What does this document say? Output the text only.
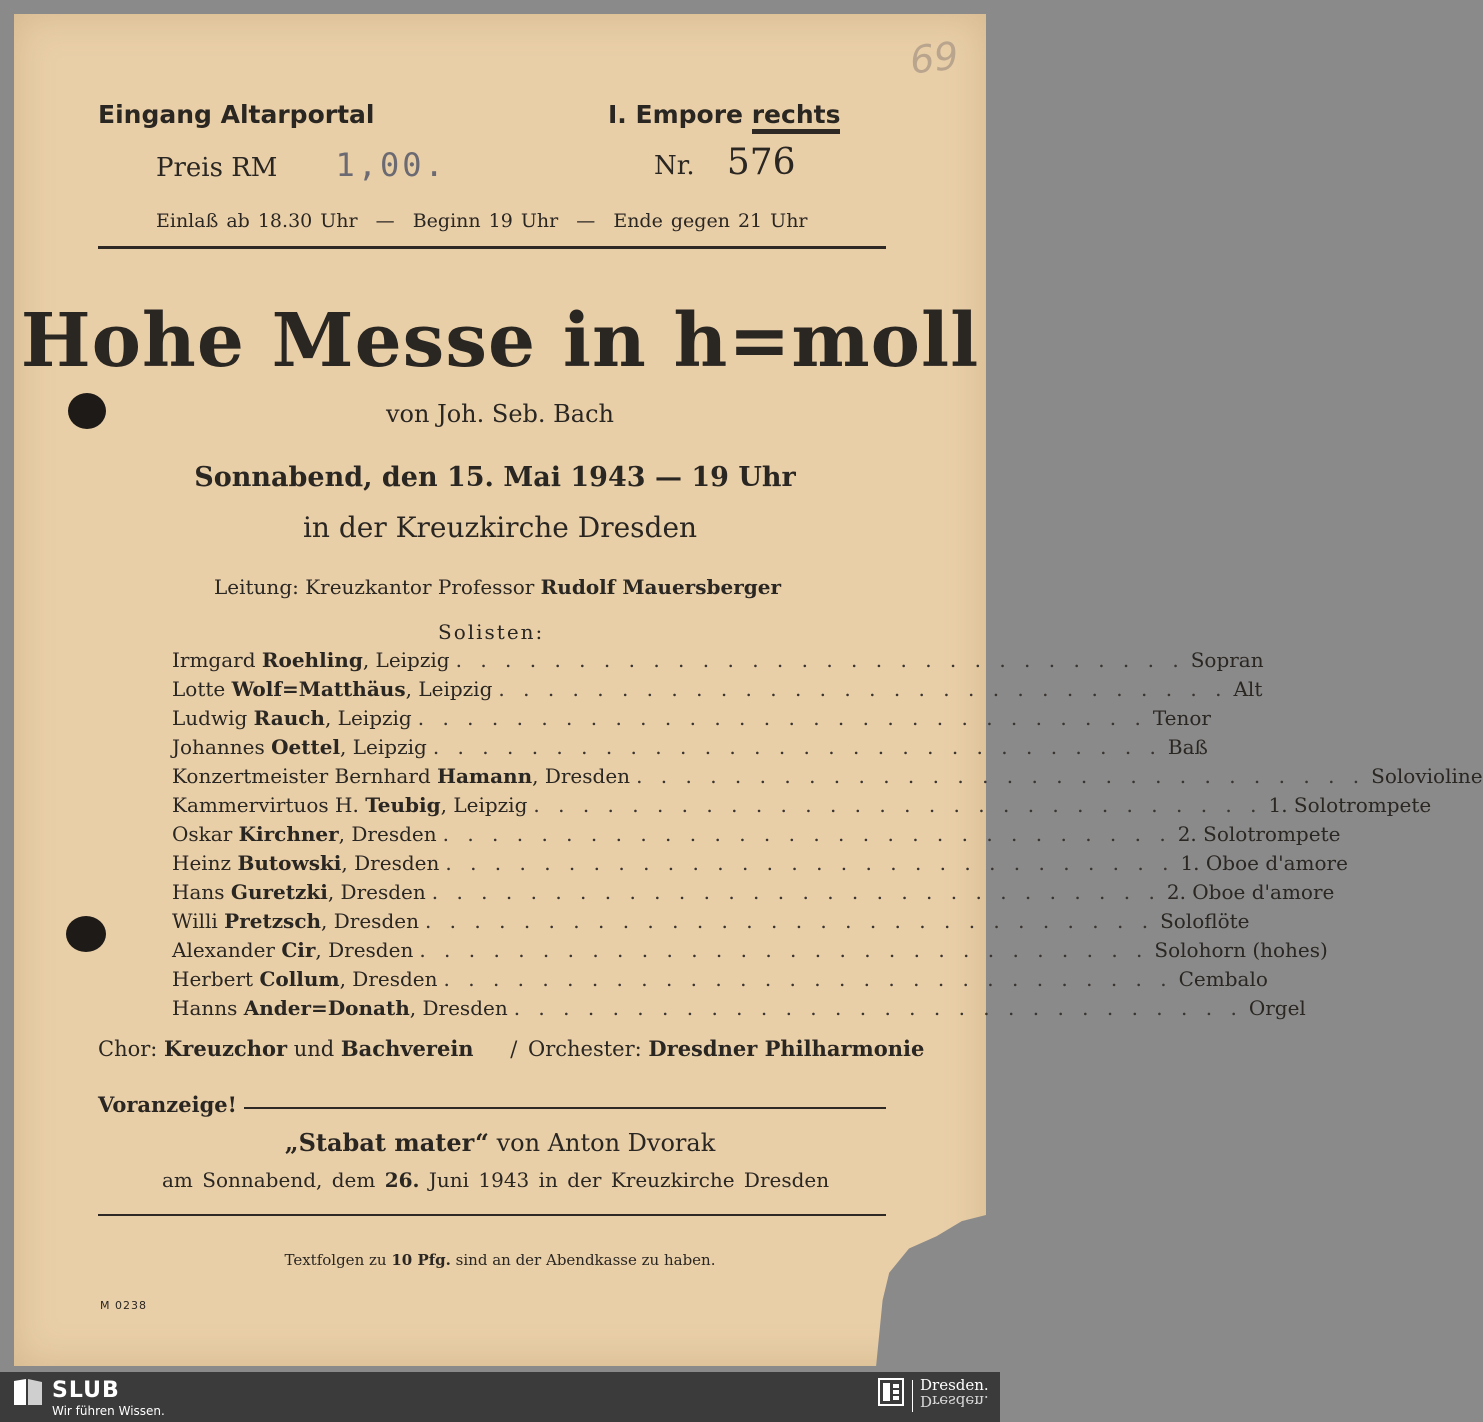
69
Eingang Altarportal	I. Empore rechts
Preis RM 1,00.	Nr. 576
Einlaß ab 18.30 Uhr — Beginn 19 Uhr — Ende gegen 21 Uhr
Hohe Messe in h=moll
von Joh. Seb. Bach
Sonnabend, den 15. Mai 1943 — 19 Uhr
in der Kreuzkirche Dresden
Leitung: Kreuzkantor Professor Rudolf Mauersberger
Solisten:
Irmgard Roehling, Leipzig . . . . . . . . . . . . . . . . . . . . . . . . . . . . . . Sopran
Lotte Wolf=Matthäus, Leipzig . . . . . . . . . . . . . . . . . . . . . . . . . . . . . . Alt
Ludwig Rauch, Leipzig . . . . . . . . . . . . . . . . . . . . . . . . . . . . . . Tenor
Johannes Oettel, Leipzig . . . . . . . . . . . . . . . . . . . . . . . . . . . . . . Baß
Konzertmeister Bernhard Hamann, Dresden . . . . . . . . . . . . . . . . . . . . . . . . . . . . . . Solovioline
Kammervirtuos H. Teubig, Leipzig . . . . . . . . . . . . . . . . . . . . . . . . . . . . . . 1. Solotrompete
Oskar Kirchner, Dresden . . . . . . . . . . . . . . . . . . . . . . . . . . . . . . 2. Solotrompete
Heinz Butowski, Dresden . . . . . . . . . . . . . . . . . . . . . . . . . . . . . . 1. Oboe d'amore
Hans Guretzki, Dresden . . . . . . . . . . . . . . . . . . . . . . . . . . . . . . 2. Oboe d'amore
Willi Pretzsch, Dresden . . . . . . . . . . . . . . . . . . . . . . . . . . . . . . Soloflöte
Alexander Cir, Dresden . . . . . . . . . . . . . . . . . . . . . . . . . . . . . . Solohorn (hohes)
Herbert Collum, Dresden . . . . . . . . . . . . . . . . . . . . . . . . . . . . . . Cembalo
Hanns Ander=Donath, Dresden . . . . . . . . . . . . . . . . . . . . . . . . . . . . . . Orgel
Chor: Kreuzchor und Bachverein / Orchester: Dresdner Philharmonie
Voranzeige!
„Stabat mater“ von Anton Dvorak
am Sonnabend, dem 26. Juni 1943 in der Kreuzkirche Dresden
Textfolgen zu 10 Pfg. sind an der Abendkasse zu haben.
M 0238
SLUB
Wir führen Wissen.
Dresden.
Dresden.
